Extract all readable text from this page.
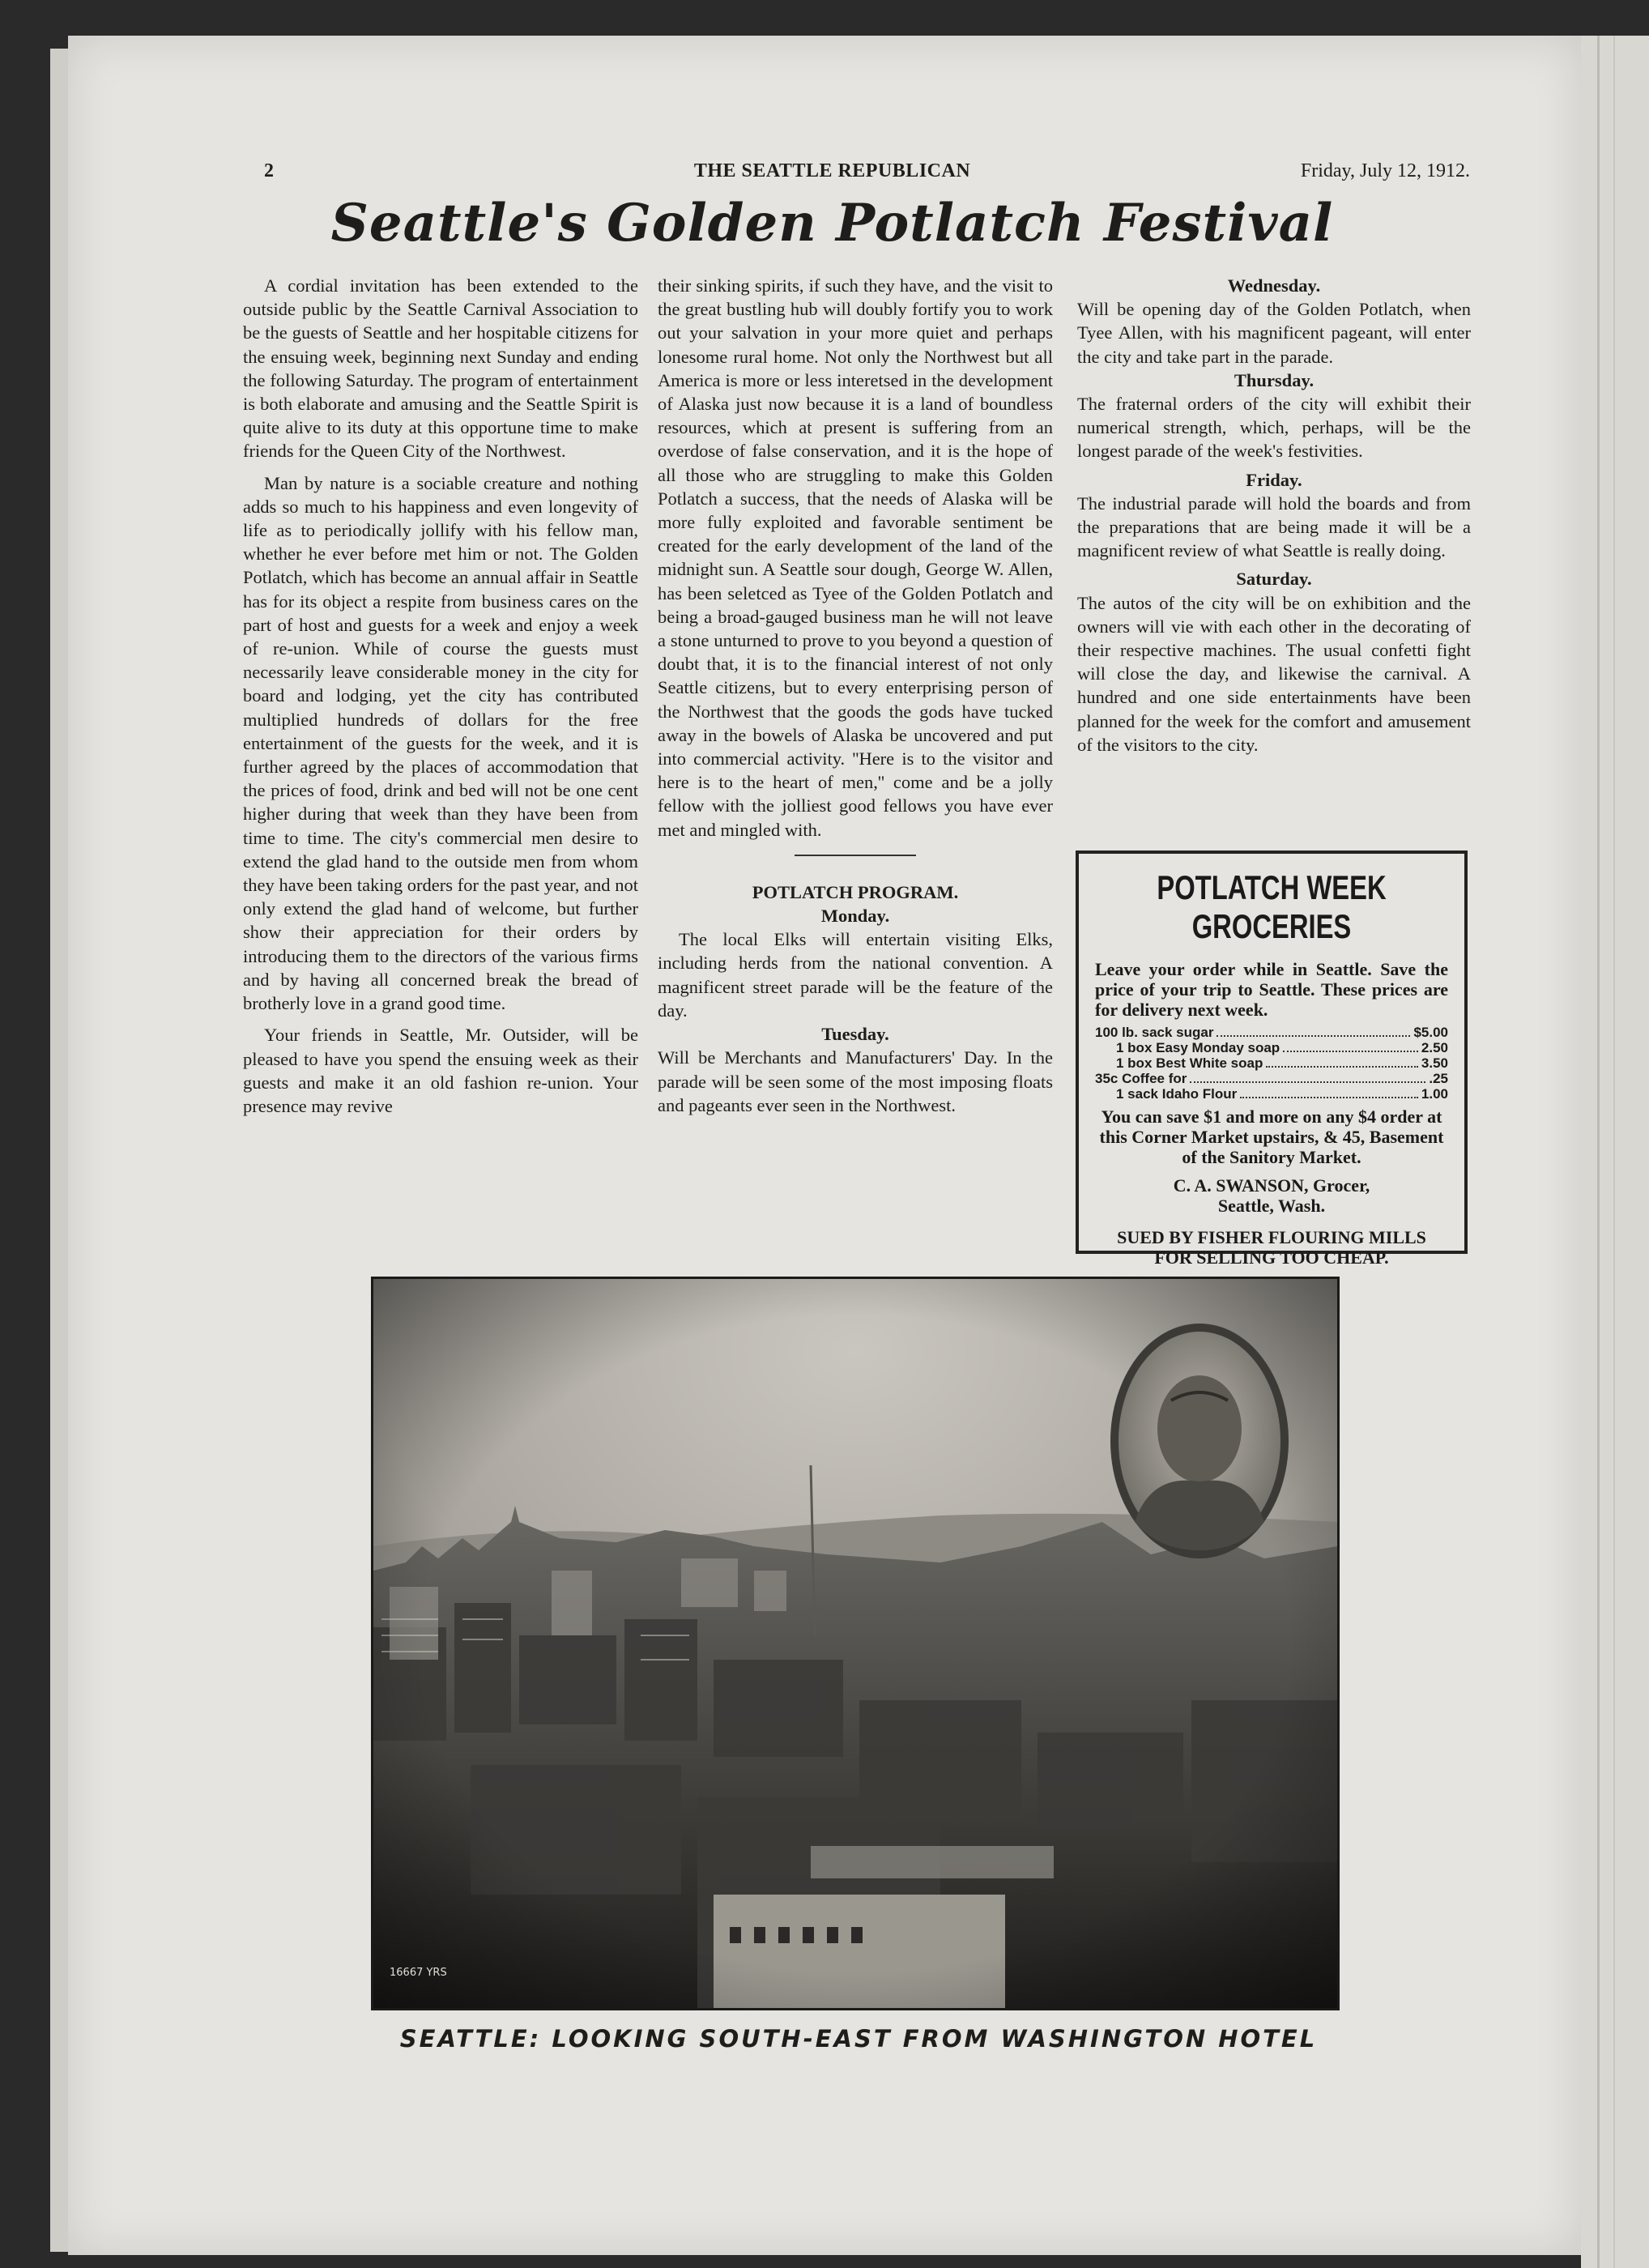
2	THE SEATTLE REPUBLICAN	Friday, July 12, 1912.
Seattle's Golden Potlatch Festival

A cordial invitation has been extended to the outside public by the Seattle Carnival Association to be the guests of Seattle and her hospitable citizens for the ensuing week, beginning next Sunday and ending the following Saturday. The program of entertainment is both elaborate and amusing and the Seattle Spirit is quite alive to its duty at this opportune time to make friends for the Queen City of the Northwest.

Man by nature is a sociable creature and nothing adds so much to his happiness and even longevity of life as to periodically jollify with his fellow man, whether he ever before met him or not. The Golden Potlatch, which has become an annual affair in Seattle has for its object a respite from business cares on the part of host and guests for a week and enjoy a week of re-union. While of course the guests must necessarily leave considerable money in the city for board and lodging, yet the city has contributed multiplied hundreds of dollars for the free entertainment of the guests for the week, and it is further agreed by the places of accommodation that the prices of food, drink and bed will not be one cent higher during that week than they have been from time to time. The city's commercial men desire to extend the glad hand to the outside men from whom they have been taking orders for the past year, and not only extend the glad hand of welcome, but further show their appreciation for their orders by introducing them to the directors of the various firms and by having all concerned break the bread of brotherly love in a grand good time.

Your friends in Seattle, Mr. Outsider, will be pleased to have you spend the ensuing week as their guests and make it an old fashion re-union. Your presence may revive

their sinking spirits, if such they have, and the visit to the great bustling hub will doubly fortify you to work out your salvation in your more quiet and perhaps lonesome rural home. Not only the Northwest but all America is more or less interetsed in the development of Alaska just now because it is a land of boundless resources, which at present is suffering from an overdose of false conservation, and it is the hope of all those who are struggling to make this Golden Potlatch a success, that the needs of Alaska will be more fully exploited and favorable sentiment be created for the early development of the land of the midnight sun. A Seattle sour dough, George W. Allen, has been seletced as Tyee of the Golden Potlatch and being a broad-gauged business man he will not leave a stone unturned to prove to you beyond a question of doubt that, it is to the financial interest of not only Seattle citizens, but to every enterprising person of the Northwest that the goods the gods have tucked away in the bowels of Alaska be uncovered and put into commercial activity. ''Here is to the visitor and here is to the heart of men,'' come and be a jolly fellow with the jolliest good fellows you have ever met and mingled with.

POTLATCH PROGRAM.
Monday.

The local Elks will entertain visiting Elks, including herds from the national convention. A magnificent street parade will be the feature of the day.

Tuesday.

Will be Merchants and Manufacturers' Day. In the parade will be seen some of the most imposing floats and pageants ever seen in the Northwest.

Wednesday.

Will be opening day of the Golden Potlatch, when Tyee Allen, with his magnificent pageant, will enter the city and take part in the parade.

Thursday.

The fraternal orders of the city will exhibit their numerical strength, which, perhaps, will be the longest parade of the week's festivities.

Friday.

The industrial parade will hold the boards and from the preparations that are being made it will be a magnificent review of what Seattle is really doing.

Saturday.

The autos of the city will be on exhibition and the owners will vie with each other in the decorating of their respective machines. The usual confetti fight will close the day, and likewise the carnival. A hundred and one side entertainments have been planned for the week for the comfort and amusement of the visitors to the city.

POTLATCH WEEK GROCERIES
Leave your order while in Seattle. Save the price of your trip to Seattle. These prices are for delivery next week.
100 lb. sack sugar	$5.00
1 box Easy Monday soap	2.50
1 box Best White soap	3.50
35c Coffee for	.25
1 sack Idaho Flour	1.00
You can save $1 and more on any $4 order at this Corner Market upstairs, & 45, Basement of the Sanitory Market.
C. A. SWANSON, Grocer,
Seattle, Wash.
SUED BY FISHER FLOURING MILLS
FOR SELLING TOO CHEAP.
16667 YRS
SEATTLE: LOOKING SOUTH-EAST FROM WASHINGTON HOTEL
